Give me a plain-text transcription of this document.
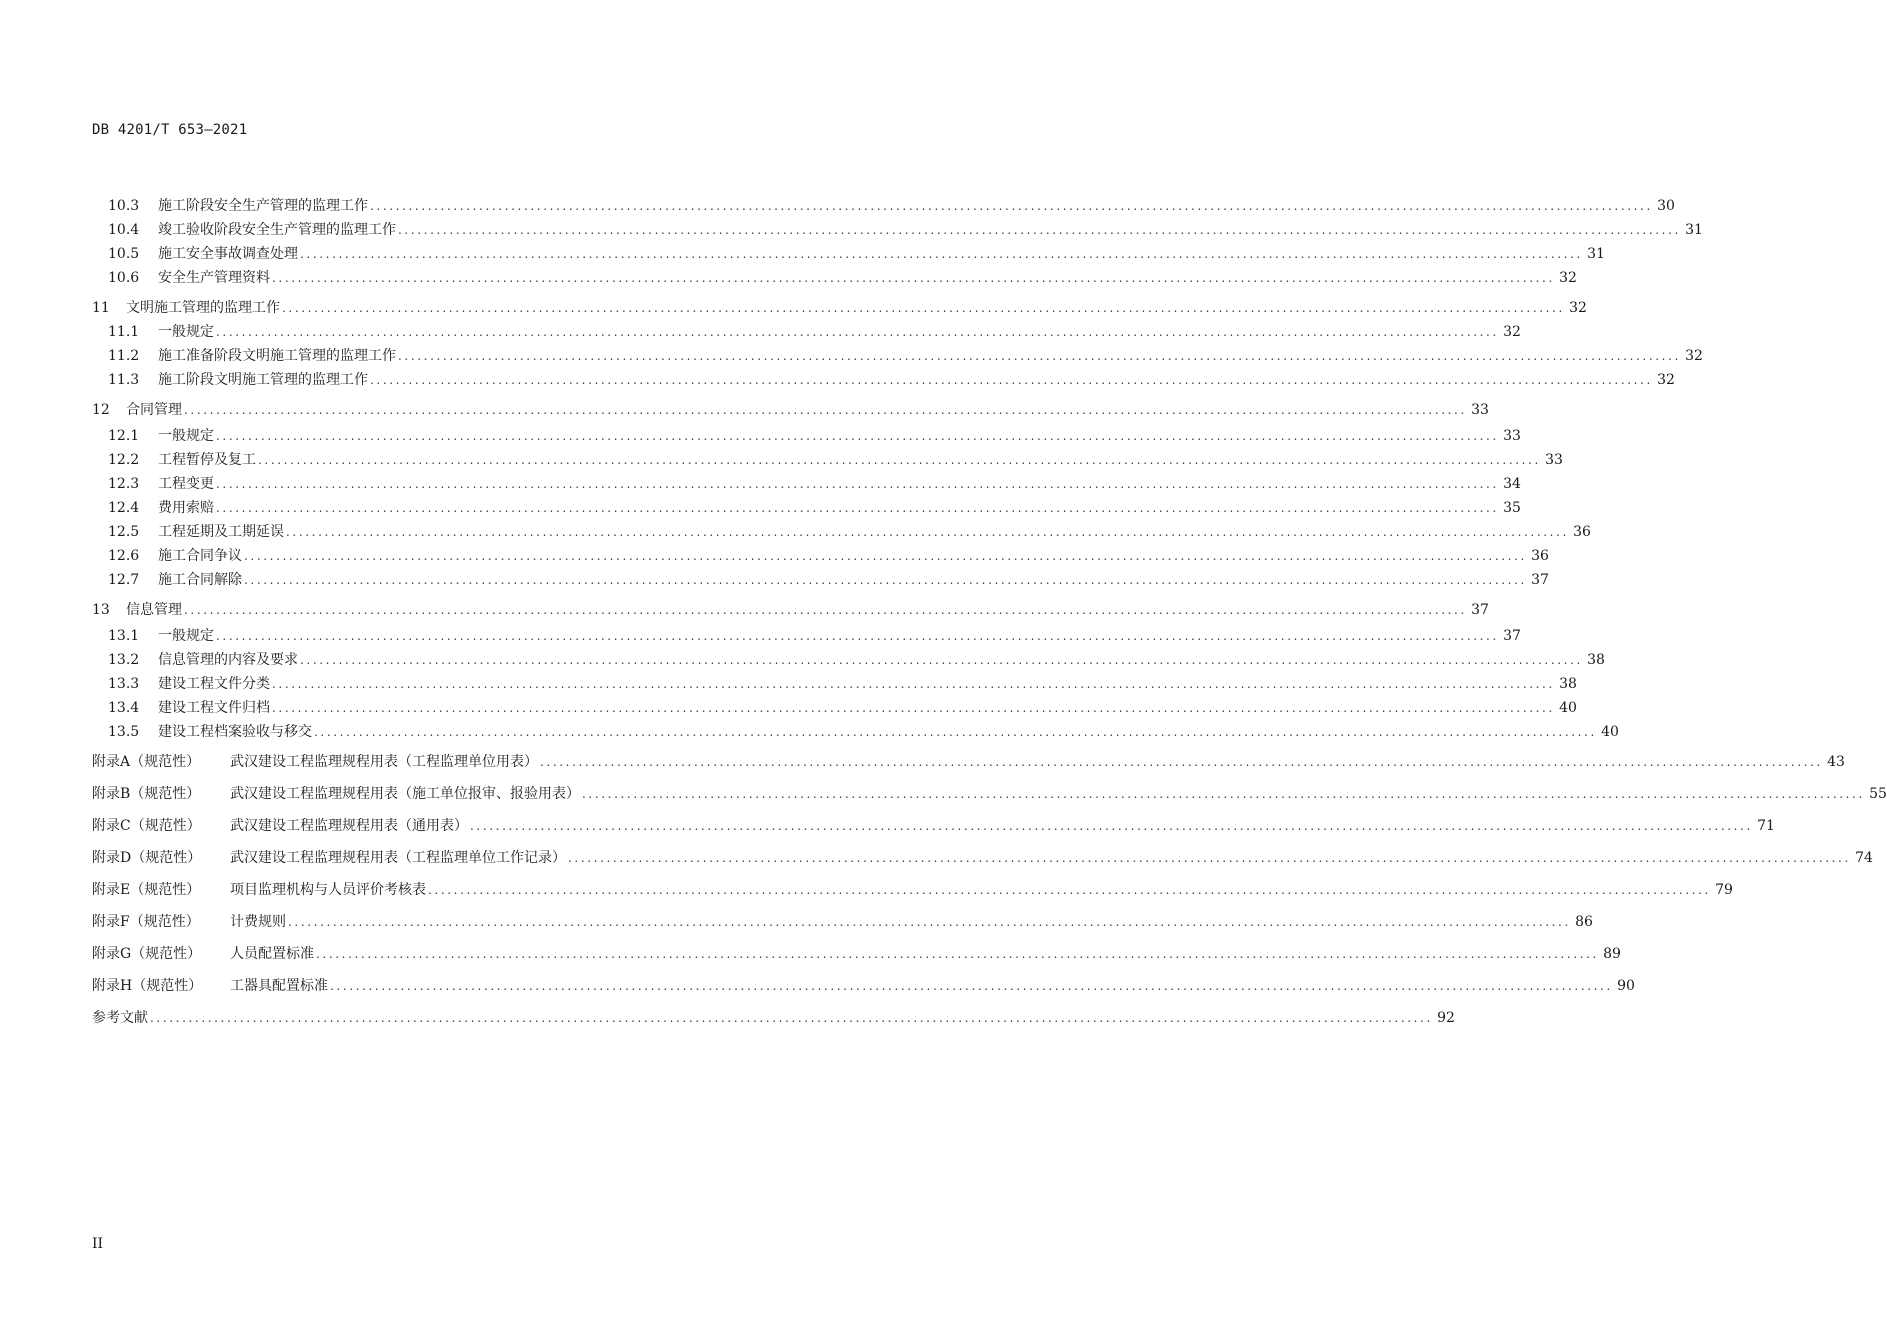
DB 4201/T 653—2021
10.3	施工阶段安全生产管理的监理工作 ........................................................................................................................................................................................................ 30
10.4	竣工验收阶段安全生产管理的监理工作 ........................................................................................................................................................................................................ 31
10.5	施工安全事故调查处理 ........................................................................................................................................................................................................ 31
10.6	安全生产管理资料 ........................................................................................................................................................................................................ 32
11	文明施工管理的监理工作 ........................................................................................................................................................................................................ 32
11.1	一般规定 ........................................................................................................................................................................................................ 32
11.2	施工准备阶段文明施工管理的监理工作 ........................................................................................................................................................................................................ 32
11.3	施工阶段文明施工管理的监理工作 ........................................................................................................................................................................................................ 32
12	合同管理 ........................................................................................................................................................................................................ 33
12.1	一般规定 ........................................................................................................................................................................................................ 33
12.2	工程暂停及复工 ........................................................................................................................................................................................................ 33
12.3	工程变更 ........................................................................................................................................................................................................ 34
12.4	费用索赔 ........................................................................................................................................................................................................ 35
12.5	工程延期及工期延误 ........................................................................................................................................................................................................ 36
12.6	施工合同争议 ........................................................................................................................................................................................................ 36
12.7	施工合同解除 ........................................................................................................................................................................................................ 37
13	信息管理 ........................................................................................................................................................................................................ 37
13.1	一般规定 ........................................................................................................................................................................................................ 37
13.2	信息管理的内容及要求 ........................................................................................................................................................................................................ 38
13.3	建设工程文件分类 ........................................................................................................................................................................................................ 38
13.4	建设工程文件归档 ........................................................................................................................................................................................................ 40
13.5	建设工程档案验收与移交 ........................................................................................................................................................................................................ 40
附录A（规范性）	武汉建设工程监理规程用表（工程监理单位用表） ........................................................................................................................................................................................................ 43
附录B（规范性）	武汉建设工程监理规程用表（施工单位报审、报验用表） ........................................................................................................................................................................................................ 55
附录C（规范性）	武汉建设工程监理规程用表（通用表） ........................................................................................................................................................................................................ 71
附录D（规范性）	武汉建设工程监理规程用表（工程监理单位工作记录） ........................................................................................................................................................................................................ 74
附录E（规范性）	项目监理机构与人员评价考核表 ........................................................................................................................................................................................................ 79
附录F（规范性）	计费规则 ........................................................................................................................................................................................................ 86
附录G（规范性）	人员配置标准 ........................................................................................................................................................................................................ 89
附录H（规范性）	工器具配置标准 ........................................................................................................................................................................................................ 90
参考文献 ........................................................................................................................................................................................................ 92
II
